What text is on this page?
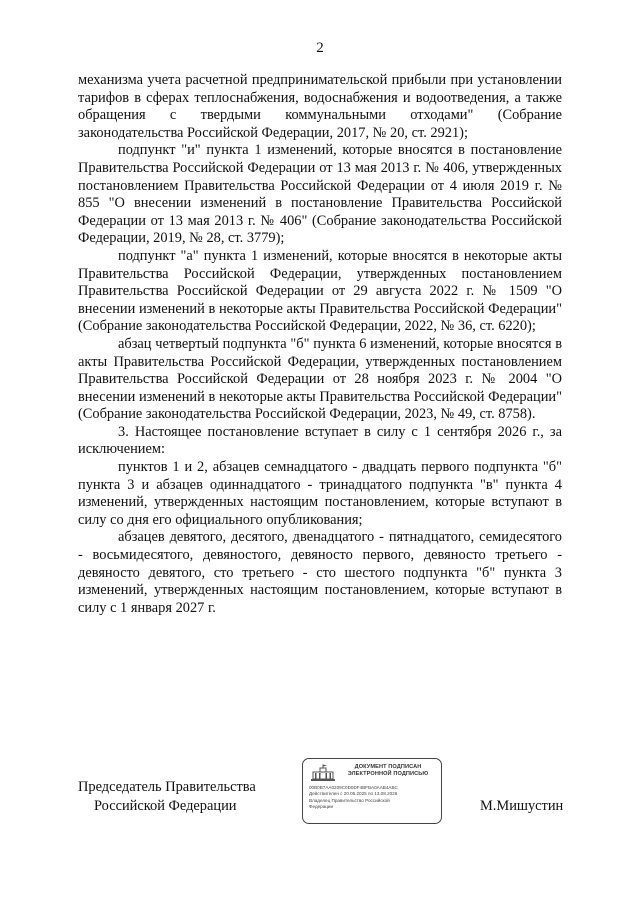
2

механизма учета расчетной предпринимательской прибыли при установлении тарифов в сферах теплоснабжения, водоснабжения и водоотведения, а также обращения с твердыми коммунальными отходами" (Собрание законодательства Российской Федерации, 2017, № 20, ст. 2921);

подпункт "и" пункта 1 изменений, которые вносятся в постановление Правительства Российской Федерации от 13 мая 2013 г. № 406, утвержденных постановлением Правительства Российской Федерации от 4 июля 2019 г. № 855 "О внесении изменений в постановление Правительства Российской Федерации от 13 мая 2013 г. № 406" (Собрание законодательства Российской Федерации, 2019, № 28, ст. 3779);

подпункт "а" пункта 1 изменений, которые вносятся в некоторые акты Правительства Российской Федерации, утвержденных постановлением Правительства Российской Федерации от 29 августа 2022 г. № 1509 "О внесении изменений в некоторые акты Правительства Российской Федерации" (Собрание законодательства Российской Федерации, 2022, № 36, ст. 6220);

абзац четвертый подпункта "б" пункта 6 изменений, которые вносятся в акты Правительства Российской Федерации, утвержденных постановлением Правительства Российской Федерации от 28 ноября 2023 г. № 2004 "О внесении изменений в некоторые акты Правительства Российской Федерации" (Собрание законодательства Российской Федерации, 2023, № 49, ст. 8758).

3. Настоящее постановление вступает в силу с 1 сентября 2026 г., за исключением:

пунктов 1 и 2, абзацев семнадцатого - двадцать первого подпункта "б" пункта 3 и абзацев одиннадцатого - тринадцатого подпункта "в" пункта 4 изменений, утвержденных настоящим постановлением, которые вступают в силу со дня его официального опубликования;

абзацев девятого, десятого, двенадцатого - пятнадцатого, семидесятого - восьмидесятого, девяностого, девяносто первого, девяносто третьего - девяносто девятого, сто третьего - сто шестого подпункта "б" пункта 3 изменений, утвержденных настоящим постановлением, которые вступают в силу с 1 января 2027 г.

Председатель Правительства
Российской Федерации
ДОКУМЕНТ ПОДПИСАН
ЭЛЕКТРОННОЙ ПОДПИСЬЮ
00B0B7AA0209C0D0DF4BFBA0AAB4ABC
Действителен с 20.05.2025 по 13.08.2026
Владелец Правительство Российской
Федерации	М.Мишустин
